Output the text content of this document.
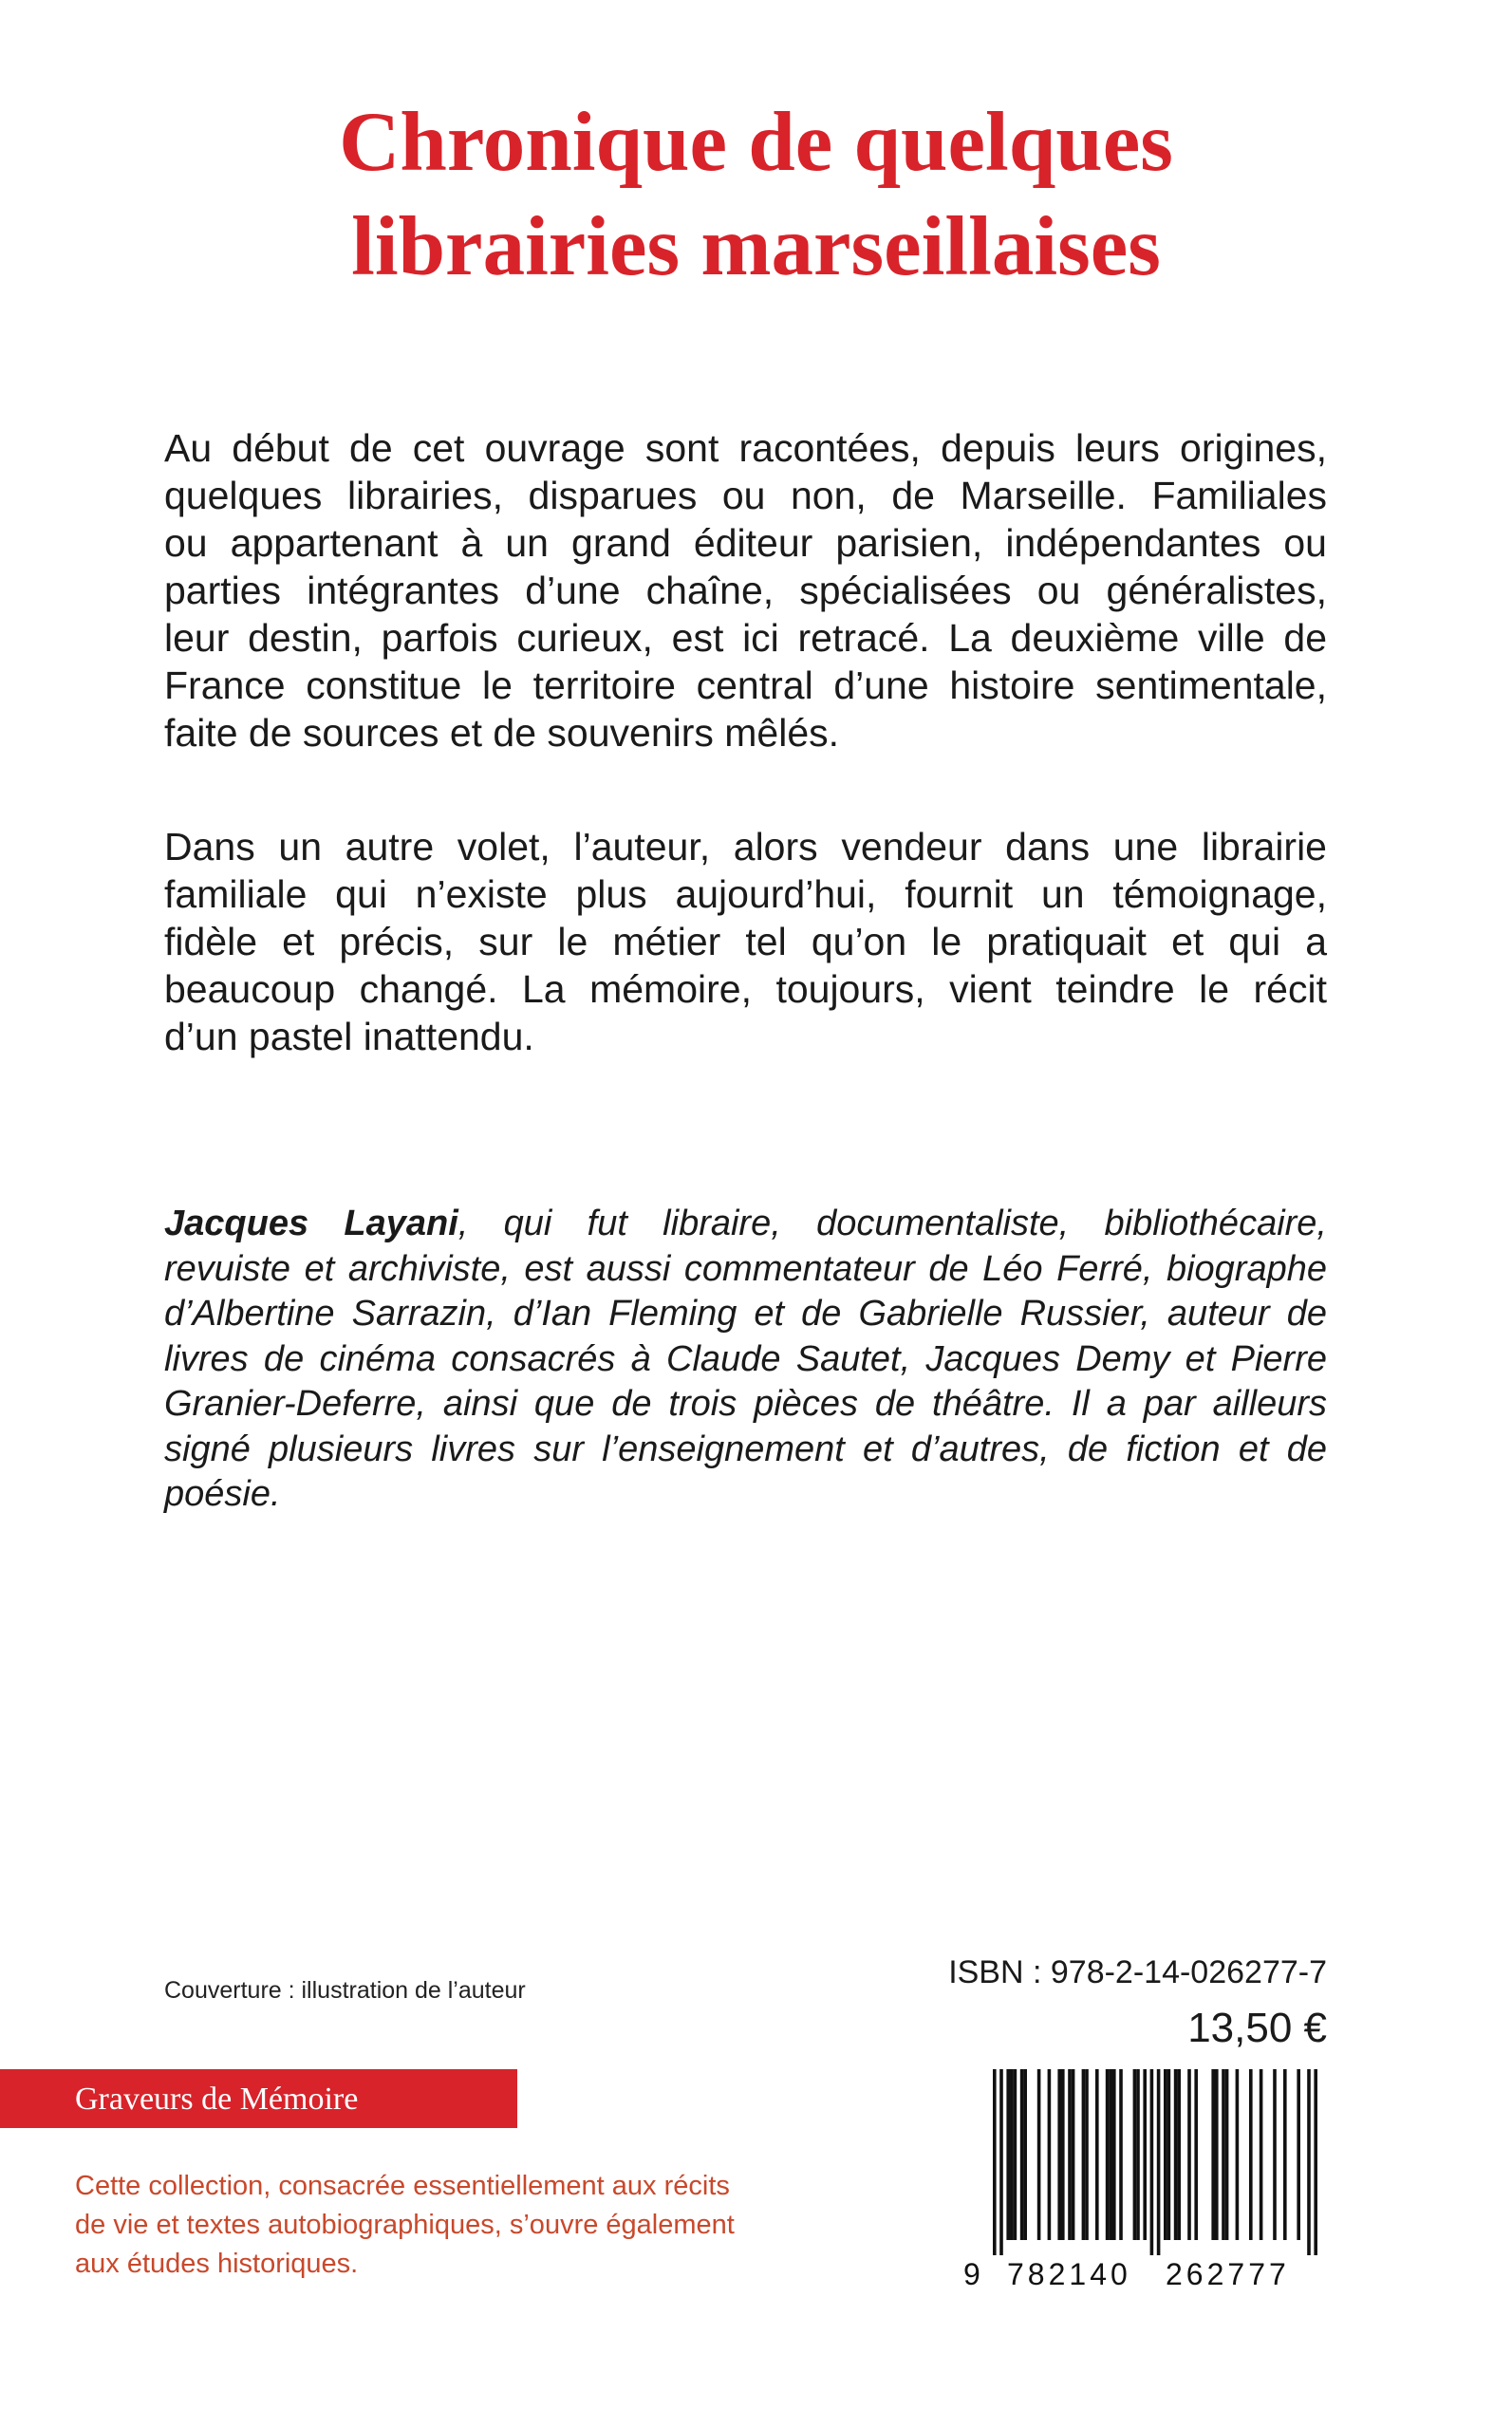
Chronique de quelques
librairies marseillaises

Au début de cet ouvrage sont racontées, depuis leurs origines,
quelques librairies, disparues ou non, de Marseille. Familiales
ou appartenant à un grand éditeur parisien, indépendantes ou
parties intégrantes d’une chaîne, spécialisées ou généralistes,
leur destin, parfois curieux, est ici retracé. La deuxième ville de
France constitue le territoire central d’une histoire sentimentale,
faite de sources et de souvenirs mêlés.

Dans un autre volet, l’auteur, alors vendeur dans une librairie
familiale qui n’existe plus aujourd’hui, fournit un témoignage,
fidèle et précis, sur le métier tel qu’on le pratiquait et qui a
beaucoup changé. La mémoire, toujours, vient teindre le récit
d’un pastel inattendu.

Jacques Layani, qui fut libraire, documentaliste, bibliothécaire,
revuiste et archiviste, est aussi commentateur de Léo Ferré, biographe
d’Albertine Sarrazin, d’Ian Fleming et de Gabrielle Russier, auteur de
livres de cinéma consacrés à Claude Sautet, Jacques Demy et Pierre
Granier-Deferre, ainsi que de trois pièces de théâtre. Il a par ailleurs
signé plusieurs livres sur l’enseignement et d’autres, de fiction et de
poésie.

Couverture : illustration de l’auteur	ISBN : 978-2-14-026277-7

13,50 €

Graveurs de Mémoire

Cette collection, consacrée essentiellement aux récits
de vie et textes autobiographiques, s’ouvre également
aux études historiques.	9 782140 262777
